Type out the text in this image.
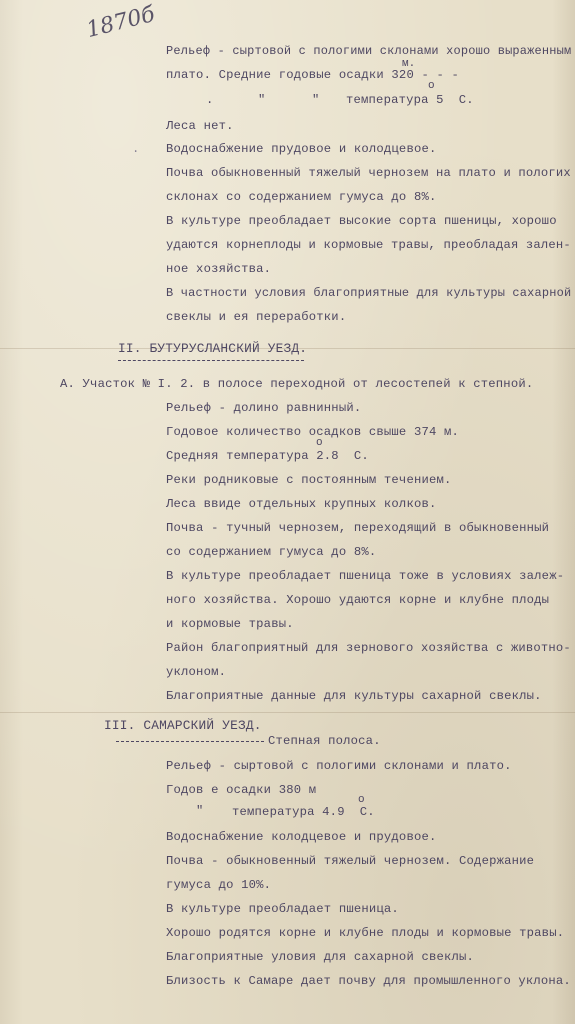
1870б
м.
Рельеф - сыртовой с пологими склонами хорошо выраженным
плато. Средние годовые осадки 320 - - -
о
.	"	" температура 5  С.
Леса нет.
Водоснабжение прудовое и колодцевое.
Почва обыкновенный тяжелый чернозем на плато и пологих
склонах со содержанием гумуса до 8%.
В культуре преобладает высокие сорта пшеницы, хорошо
удаются корнеплоды и кормовые травы, преобладая зален-
ное хозяйства.
В частности условия благоприятные для культуры сахарной
свеклы и ея переработки.
II. БУТУРУСЛАНСКИЙ УЕЗД.
А. Участок № I. 2. в полосе переходной от лесостепей к степной.
Рельеф - долино равнинный.
Годовое количество осадков свыше 374 м.
о
Средняя температура 2.8  С.
Реки родниковые с постоянным течением.
Леса ввиде отдельных крупных колков.
Почва - тучный чернозем, переходящий в обыкновенный
со содержанием гумуса до 8%.
В культуре преобладает пшеница тоже в условиях залеж-
ного хозяйства. Хорошо удаются корне и клубне плоды
и кормовые травы.
Район благоприятный для зернового хозяйства с животно-
уклоном.
Благоприятные данные для культуры сахарной свеклы.
III. САМАРСКИЙ УЕЗД.
Степная полоса.
Рельеф - сыртовой с пологими склонами и плато.
Годов е осадки 380 м
"
о
температура 4.9  С.
Водоснабжение колодцевое и прудовое.
Почва - обыкновенный тяжелый чернозем. Содержание
гумуса до 10%.
В культуре преобладает пшеница.
Хорошо родятся корне и клубне плоды и кормовые травы.
Благоприятные уловия для сахарной свеклы.
Близость к Самаре дает почву для промышленного уклона.
.
